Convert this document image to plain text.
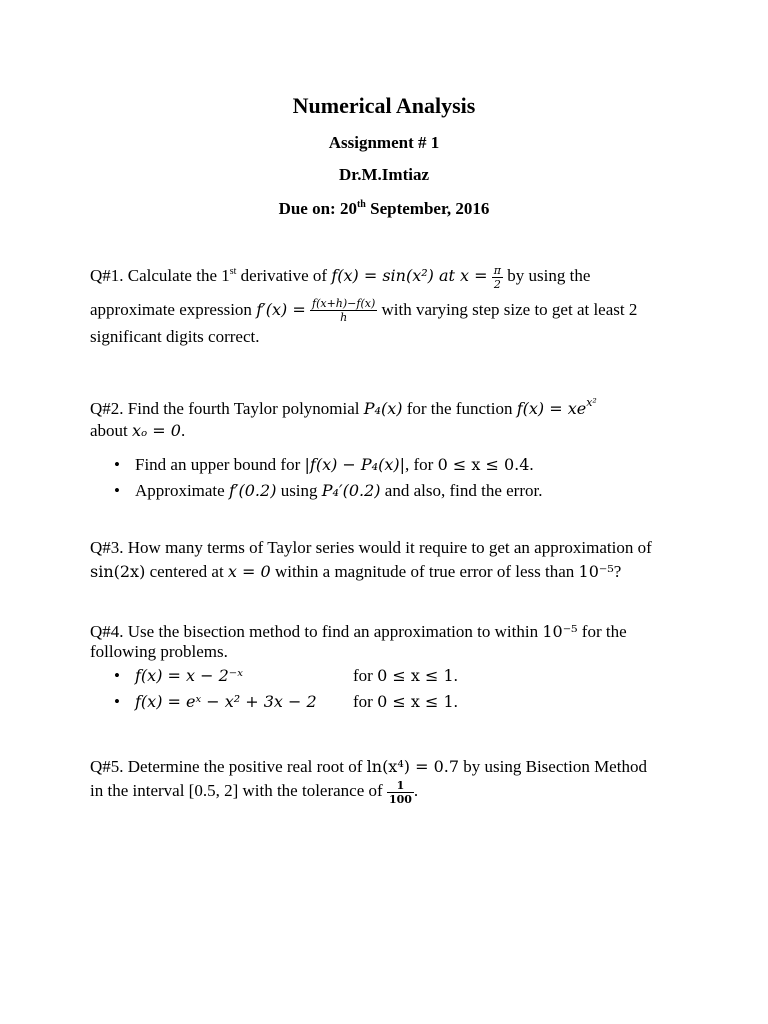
Numerical Analysis
Assignment # 1
Dr.M.Imtiaz
Due on: 20th September, 2016
Q#1. Calculate the 1st derivative of f(x) = sin(x²) at $x = \frac{\pi}{2}$ by using the
approximate expression $f'(x) = \frac{f(x+h)-f(x)}{h}$ with varying step size to get at least 2
significant digits correct.
Q#2. Find the fourth Taylor polynomial P₄(x) for the function $f(x) = xe^{x^2}$
about xₒ = 0.
• Find an upper bound for |f(x) − P₄(x)|, for 0 ≤ x ≤ 0.4.
• Approximate f′(0.2) using P₄′(0.2) and also, find the error.
Q#3. How many terms of Taylor series would it require to get an approximation of
sin(2x) centered at x = 0 within a magnitude of true error of less than 10⁻⁵?
Q#4. Use the bisection method to find an approximation to within 10⁻⁵ for the
following problems.
• f(x) = x − 2⁻ˣ	for 0 ≤ x ≤ 1.
• f(x) = eˣ − x² + 3x − 2 for 0 ≤ x ≤ 1.
Q#5. Determine the positive real root of ln(x⁴) = 0.7 by using Bisection Method
in the interval [0.5, 2] with the tolerance of $\frac{1}{100}$ .
